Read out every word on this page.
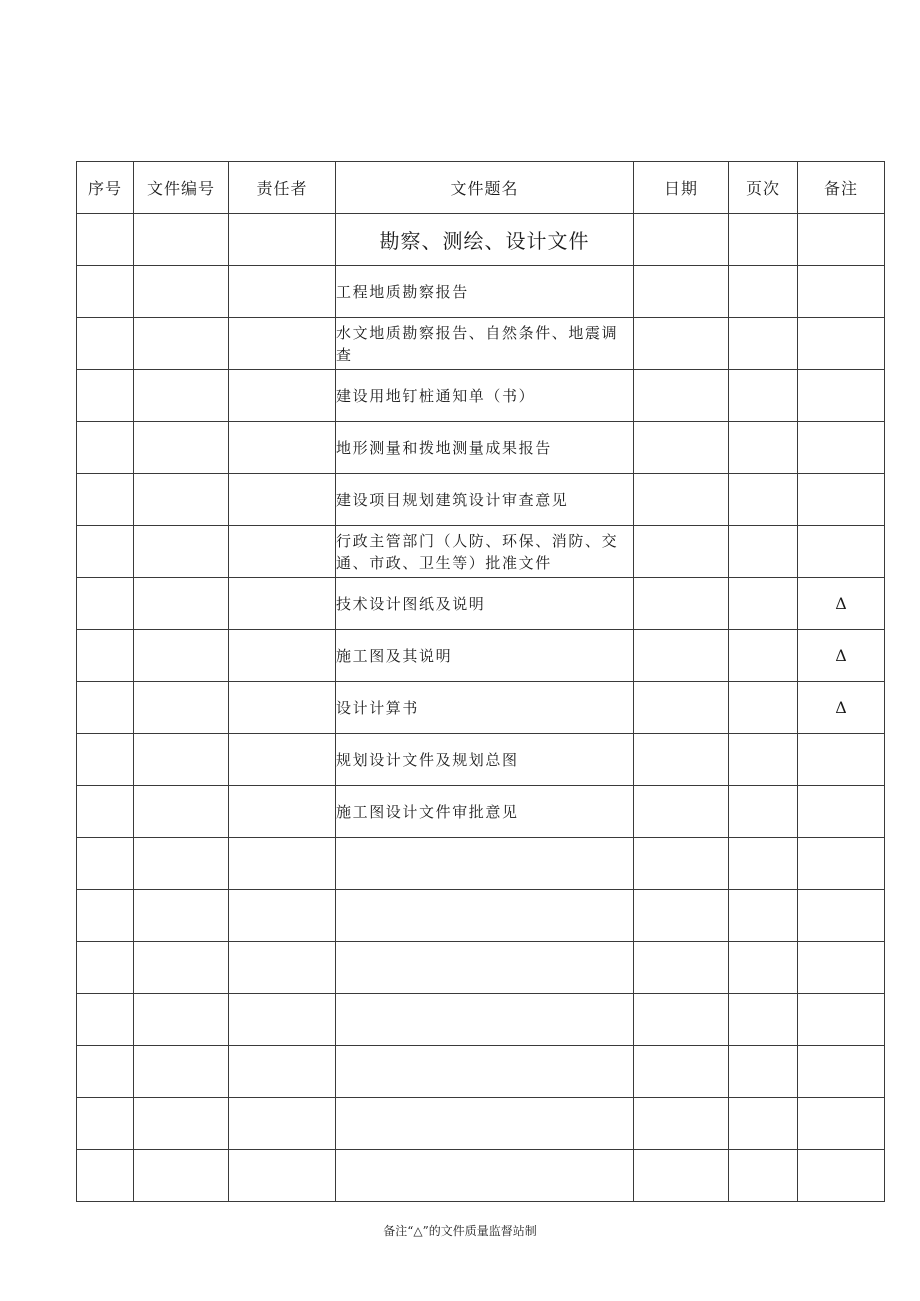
序号	文件编号	责任者	文件题名	日期	页次	备注
			勘察、测绘、设计文件			
			工程地质勘察报告			
			水文地质勘察报告、自然条件、地震调查			
			建设用地钉桩通知单（书）			
			地形测量和拨地测量成果报告			
			建设项目规划建筑设计审查意见			
			行政主管部门（人防、环保、消防、交通、市政、卫生等）批准文件			
			技术设计图纸及说明			Δ
			施工图及其说明			Δ
			设计计算书			Δ
			规划设计文件及规划总图			
			施工图设计文件审批意见			

备注“△”的文件质量监督站制
